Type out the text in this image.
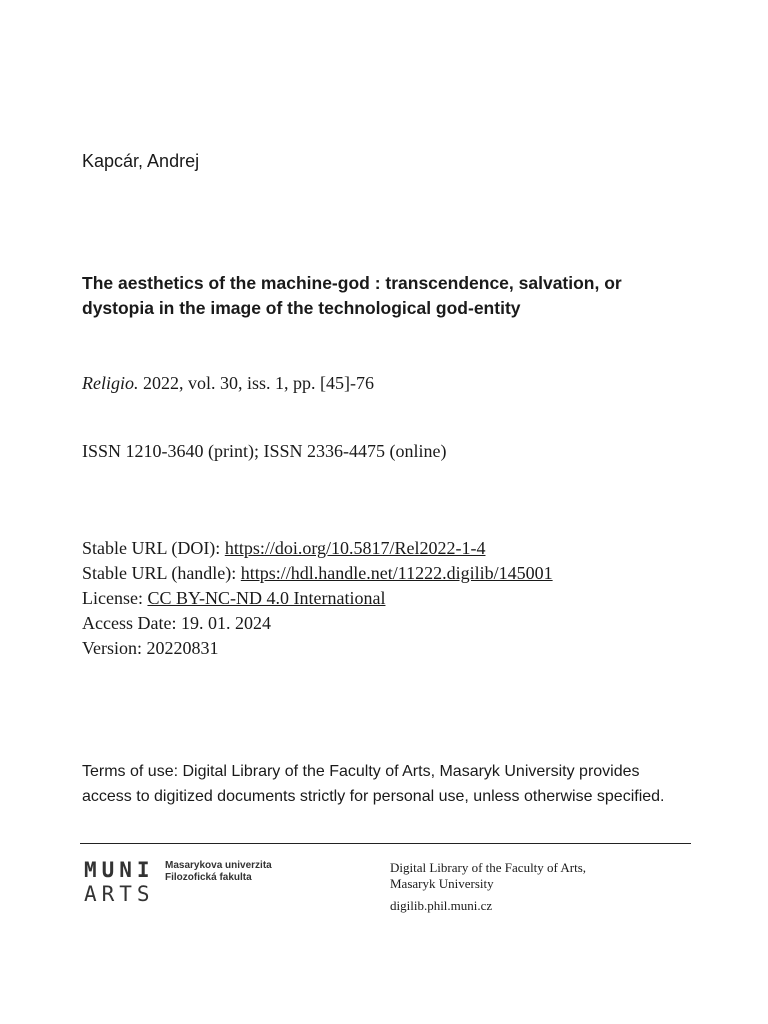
Kapcár, Andrej
The aesthetics of the machine-god : transcendence, salvation, or dystopia in the image of the technological god-entity
Religio. 2022, vol. 30, iss. 1, pp. [45]-76
ISSN 1210-3640 (print); ISSN 2336-4475 (online)
Stable URL (DOI): https://doi.org/10.5817/Rel2022-1-4
Stable URL (handle): https://hdl.handle.net/11222.digilib/145001
License: CC BY-NC-ND 4.0 International
Access Date: 19. 01. 2024
Version: 20220831
Terms of use: Digital Library of the Faculty of Arts, Masaryk University provides access to digitized documents strictly for personal use, unless otherwise specified.
MUNI
ARTS
Masarykova univerzita
Filozofická fakulta
Digital Library of the Faculty of Arts,
Masaryk University
digilib.phil.muni.cz
